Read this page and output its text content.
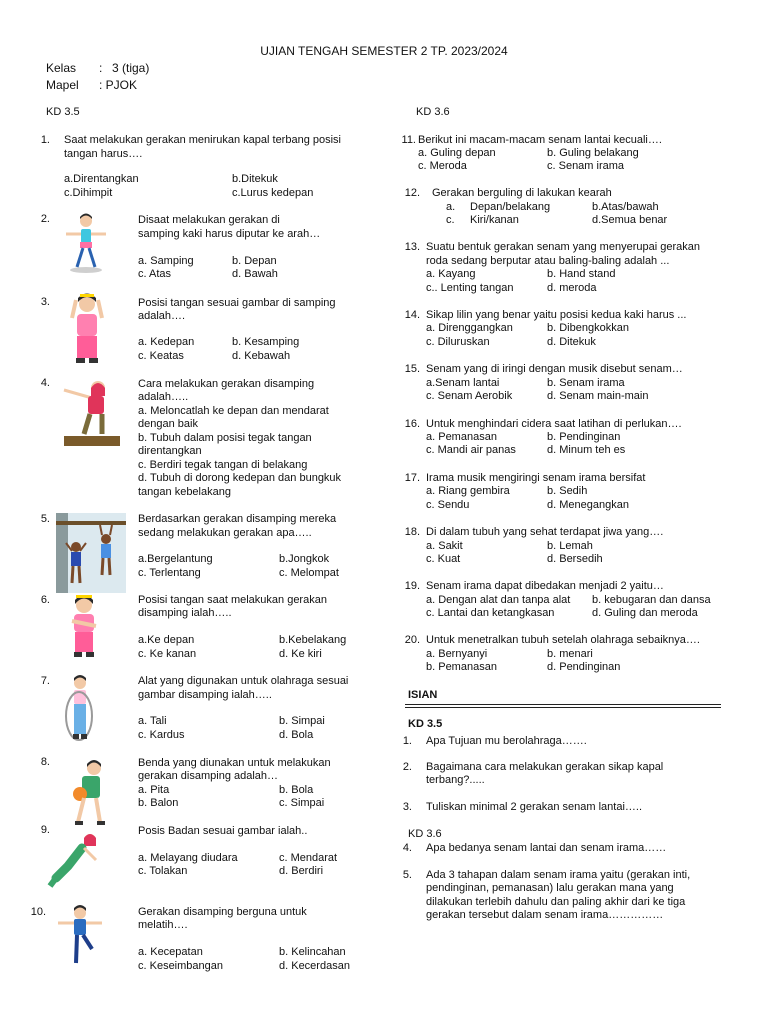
UJIAN TENGAH SEMESTER 2 TP. 2023/2024
Kelas : 3 (tiga)
Mapel : PJOK
KD 3.5	KD 3.6
1. Saat melakukan gerakan menirukan kapal terbang posisi
tangan harus….
a.Direntangkan	b.Ditekuk
c.Dihimpit	c.Lurus kedepan
2.	Disaat melakukan gerakan di
samping kaki harus diputar ke arah…
a. Samping	b. Depan
c. Atas	d. Bawah
3.	Posisi tangan sesuai gambar di samping
adalah….
a. Kedepan	b. Kesamping
c. Keatas	d. Kebawah
4.	Cara melakukan gerakan disamping
adalah…..
a. Meloncatlah ke depan dan mendarat
dengan baik
b. Tubuh dalam posisi tegak tangan
direntangkan
c. Berdiri tegak tangan di belakang
d. Tubuh di dorong kedepan dan bungkuk
tangan kebelakang
5.	Berdasarkan gerakan disamping mereka
sedang melakukan gerakan apa…..
a.Bergelantung	b.Jongkok
c. Terlentang	c. Melompat
6.	Posisi tangan saat melakukan gerakan
disamping ialah…..
a.Ke depan	b.Kebelakang
c. Ke kanan	d. Ke kiri
7.	Alat yang digunakan untuk olahraga sesuai
gambar disamping ialah…..
a. Tali	b. Simpai
c. Kardus	d. Bola
8.	Benda yang diunakan untuk melakukan
gerakan disamping adalah…
a. Pita	b. Bola
b. Balon	c. Simpai
9.	Posis Badan sesuai gambar ialah..
a. Melayang diudara	c. Mendarat
c. Tolakan	d. Berdiri
10.	Gerakan disamping berguna untuk
melatih….
a. Kecepatan	b. Kelincahan
c. Keseimbangan	d. Kecerdasan
11. Berikut ini macam-macam senam lantai kecuali….
a. Guling depan	b. Guling belakang
c. Meroda	c. Senam irama
12. Gerakan berguling di lakukan kearah
a. Depan/belakang	b.Atas/bawah
c. Kiri/kanan	d.Semua benar
13. Suatu bentuk gerakan senam yang menyerupai gerakan
roda sedang berputar atau baling-baling adalah ...
a. Kayang	b. Hand stand
c.. Lenting tangan	d. meroda
14. Sikap lilin yang benar yaitu posisi kedua kaki harus ...
a. Direnggangkan	b. Dibengkokkan
c. Diluruskan	d. Ditekuk
15. Senam yang di iringi dengan musik disebut senam…
a.Senam lantai	b. Senam irama
c. Senam Aerobik	d. Senam main-main
16. Untuk menghindari cidera saat latihan di perlukan….
a. Pemanasan	b. Pendinginan
c. Mandi air panas	d. Minum teh es
17. Irama musik mengiringi senam irama bersifat
a. Riang gembira	b. Sedih
c. Sendu	d. Menegangkan
18. Di dalam tubuh yang sehat terdapat jiwa yang….
a. Sakit	b. Lemah
c. Kuat	d. Bersedih
19. Senam irama dapat dibedakan menjadi 2 yaitu…
a. Dengan alat dan tanpa alat b. kebugaran dan dansa
c. Lantai dan ketangkasan	d. Guling dan meroda
20. Untuk menetralkan tubuh setelah olahraga sebaiknya….
a. Bernyanyi	b. menari
b. Pemanasan	d. Pendinginan
ISIAN
KD 3.5
1. Apa Tujuan mu berolahraga…….
2. Bagaimana cara melakukan gerakan sikap kapal
terbang?.....
3. Tuliskan minimal 2 gerakan senam lantai…..
KD 3.6
4. Apa bedanya senam lantai dan senam irama……
5. Ada 3 tahapan dalam senam irama yaitu (gerakan inti,
pendinginan, pemanasan) lalu gerakan mana yang
dilakukan terlebih dahulu dan paling akhir dari ke tiga
gerakan tersebut dalam senam irama……………
